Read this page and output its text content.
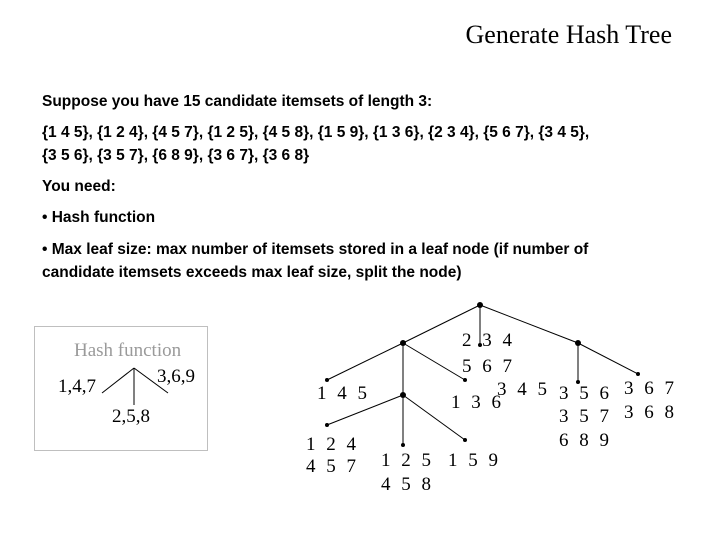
Generate Hash Tree
Suppose you have 15 candidate itemsets of length 3:
{1 4 5}, {1 2 4}, {4 5 7}, {1 2 5}, {4 5 8}, {1 5 9}, {1 3 6}, {2 3 4}, {5 6 7}, {3 4 5},
{3 5 6}, {3 5 7}, {6 8 9}, {3 6 7}, {3 6 8}
You need:
• Hash function
• Max leaf size: max number of itemsets stored in a leaf node (if number of
candidate itemsets exceeds max leaf size, split the node)
Hash function
1,4,7	3,6,9
2,5,8
1 4 5
1 2 4
4 5 7 1 2 5
4 5 8
1 5 9
2 3 4
5 6 7
1 3 6
3 4 5 3 5 6
3 5 7
6 8 9
3 6 7
3 6 8
